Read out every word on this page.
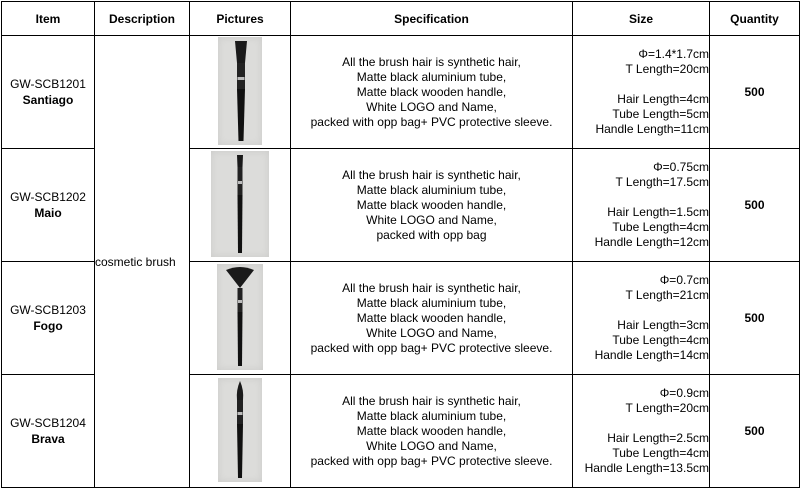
Item	Description	Pictures	Specification	Size	Quantity

GW-SCB1201
Santiago	cosmetic brush		All the brush hair is synthetic hair,
Matte black aluminium tube,
Matte black wooden handle,
White LOGO and Name,
packed with opp bag+ PVC protective sleeve.	Φ=1.4*1.7cm
T Length=20cm
Hair Length=4cm
Tube Length=5cm
Handle Length=11cm	500

GW-SCB1202
Maio			All the brush hair is synthetic hair,
Matte black aluminium tube,
Matte black wooden handle,
White LOGO and Name,
packed with opp bag	Φ=0.75cm
T Length=17.5cm
Hair Length=1.5cm
Tube Length=4cm
Handle Length=12cm	500

GW-SCB1203
Fogo			All the brush hair is synthetic hair,
Matte black aluminium tube,
Matte black wooden handle,
White LOGO and Name,
packed with opp bag+ PVC protective sleeve.	Φ=0.7cm
T Length=21cm
Hair Length=3cm
Tube Length=4cm
Handle Length=14cm	500

GW-SCB1204
Brava			All the brush hair is synthetic hair,
Matte black aluminium tube,
Matte black wooden handle,
White LOGO and Name,
packed with opp bag+ PVC protective sleeve.	Φ=0.9cm
T Length=20cm
Hair Length=2.5cm
Tube Length=4cm
Handle Length=13.5cm	500
